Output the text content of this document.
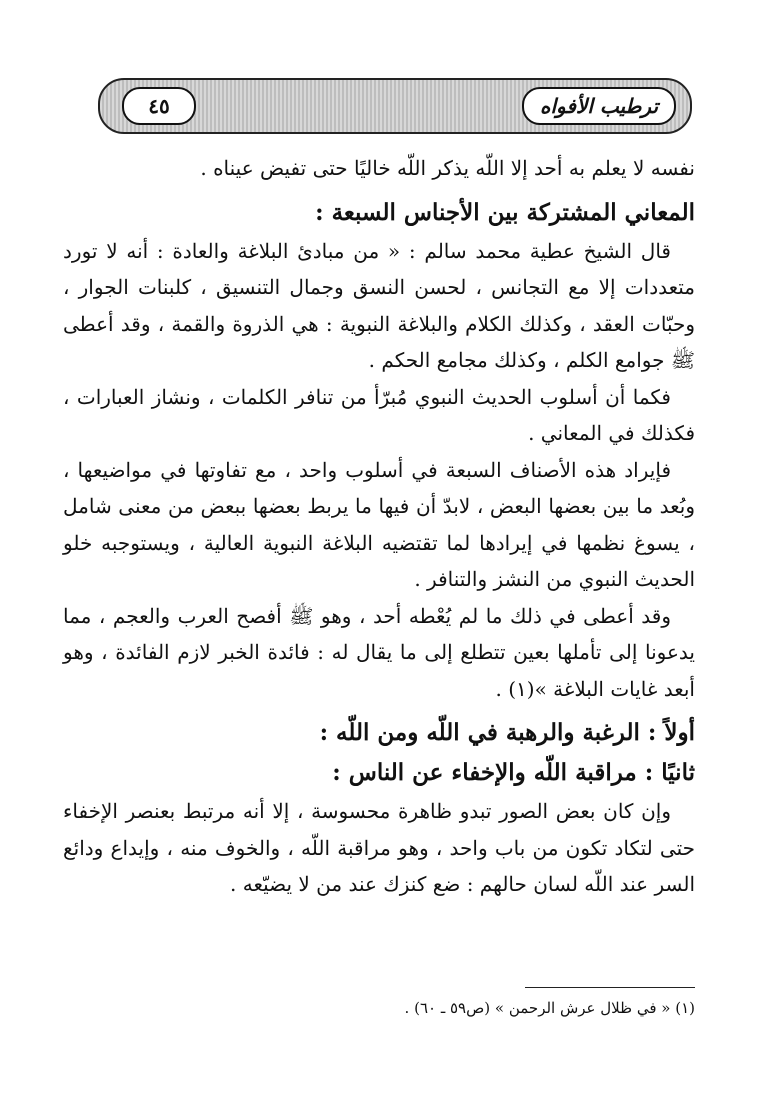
ترطيب الأفواه
٤٥

نفسه لا يعلم به أحد إلا اللّه يذكر اللّه خاليًا حتى تفيض عيناه .

المعاني المشتركة بين الأجناس السبعة :

قال الشيخ عطية محمد سالم : « من مبادئ البلاغة والعادة : أنه لا تورد متعددات إلا مع التجانس ، لحسن النسق وجمال التنسيق ، كلبنات الجوار ، وحبّات العقد ، وكذلك الكلام والبلاغة النبوية : هي الذروة والقمة ، وقد أعطى ﷺ جوامع الكلم ، وكذلك مجامع الحكم .

فكما أن أسلوب الحديث النبوي مُبرّأ من تنافر الكلمات ، ونشاز العبارات ، فكذلك في المعاني .

فإيراد هذه الأصناف السبعة في أسلوب واحد ، مع تفاوتها في مواضيعها ، وبُعد ما بين بعضها البعض ، لابدّ أن فيها ما يربط بعضها ببعض من معنى شامل ، يسوغ نظمها في إيرادها لما تقتضيه البلاغة النبوية العالية ، ويستوجبه خلو الحديث النبوي من النشز والتنافر .

وقد أعطى في ذلك ما لم يُعْطه أحد ، وهو ﷺ أفصح العرب والعجم ، مما يدعونا إلى تأملها بعين تتطلع إلى ما يقال له : فائدة الخبر لازم الفائدة ، وهو أبعد غايات البلاغة »(١) .

أولاً : الرغبة والرهبة في اللّه ومن اللّه :

ثانيًا : مراقبة اللّه والإخفاء عن الناس :

وإن كان بعض الصور تبدو ظاهرة محسوسة ، إلا أنه مرتبط بعنصر الإخفاء حتى لتكاد تكون من باب واحد ، وهو مراقبة اللّه ، والخوف منه ، وإيداع ودائع السر عند اللّه لسان حالهم : ضع كنزك عند من لا يضيّعه .

(١) « في ظلال عرش الرحمن » (ص٥٩ ـ ٦٠) .
